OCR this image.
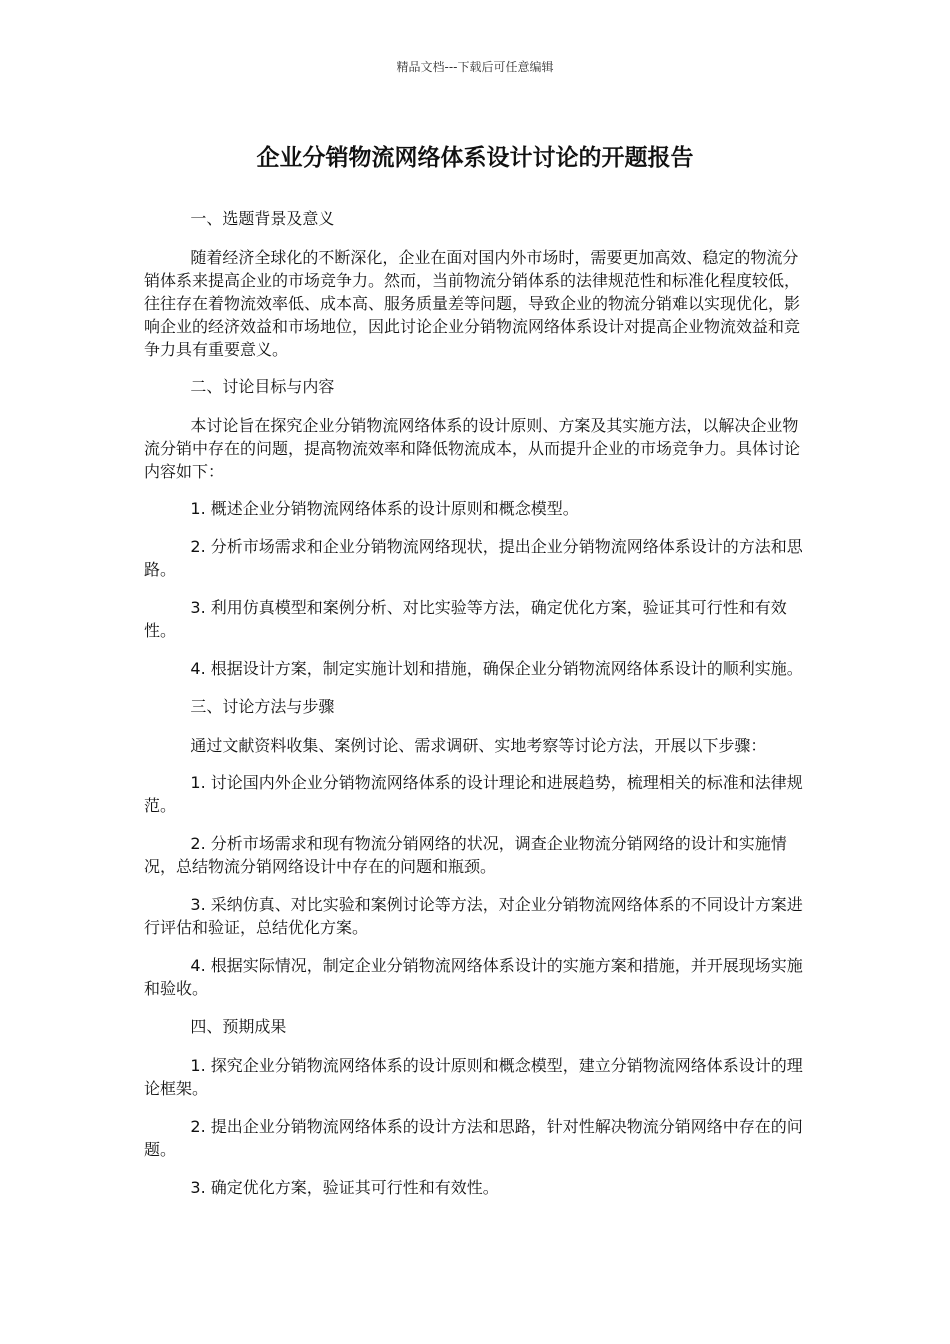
精品文档---下载后可任意编辑
企业分销物流网络体系设计讨论的开题报告

一、选题背景及意义

随着经济全球化的不断深化，企业在面对国内外市场时，需要更加高效、稳定的物流分销体系来提高企业的市场竞争力。然而，当前物流分销体系的法律规范性和标准化程度较低，往往存在着物流效率低、成本高、服务质量差等问题，导致企业的物流分销难以实现优化，影响企业的经济效益和市场地位，因此讨论企业分销物流网络体系设计对提高企业物流效益和竞争力具有重要意义。

二、讨论目标与内容

本讨论旨在探究企业分销物流网络体系的设计原则、方案及其实施方法，以解决企业物流分销中存在的问题，提高物流效率和降低物流成本，从而提升企业的市场竞争力。具体讨论内容如下：

1. 概述企业分销物流网络体系的设计原则和概念模型。

2. 分析市场需求和企业分销物流网络现状，提出企业分销物流网络体系设计的方法和思路。

3. 利用仿真模型和案例分析、对比实验等方法，确定优化方案，验证其可行性和有效性。

4. 根据设计方案，制定实施计划和措施，确保企业分销物流网络体系设计的顺利实施。

三、讨论方法与步骤

通过文献资料收集、案例讨论、需求调研、实地考察等讨论方法，开展以下步骤：

1. 讨论国内外企业分销物流网络体系的设计理论和进展趋势，梳理相关的标准和法律规范。

2. 分析市场需求和现有物流分销网络的状况，调查企业物流分销网络的设计和实施情况，总结物流分销网络设计中存在的问题和瓶颈。

3. 采纳仿真、对比实验和案例讨论等方法，对企业分销物流网络体系的不同设计方案进行评估和验证，总结优化方案。

4. 根据实际情况，制定企业分销物流网络体系设计的实施方案和措施，并开展现场实施和验收。

四、预期成果

1. 探究企业分销物流网络体系的设计原则和概念模型，建立分销物流网络体系设计的理论框架。

2. 提出企业分销物流网络体系的设计方法和思路，针对性解决物流分销网络中存在的问题。

3. 确定优化方案，验证其可行性和有效性。
